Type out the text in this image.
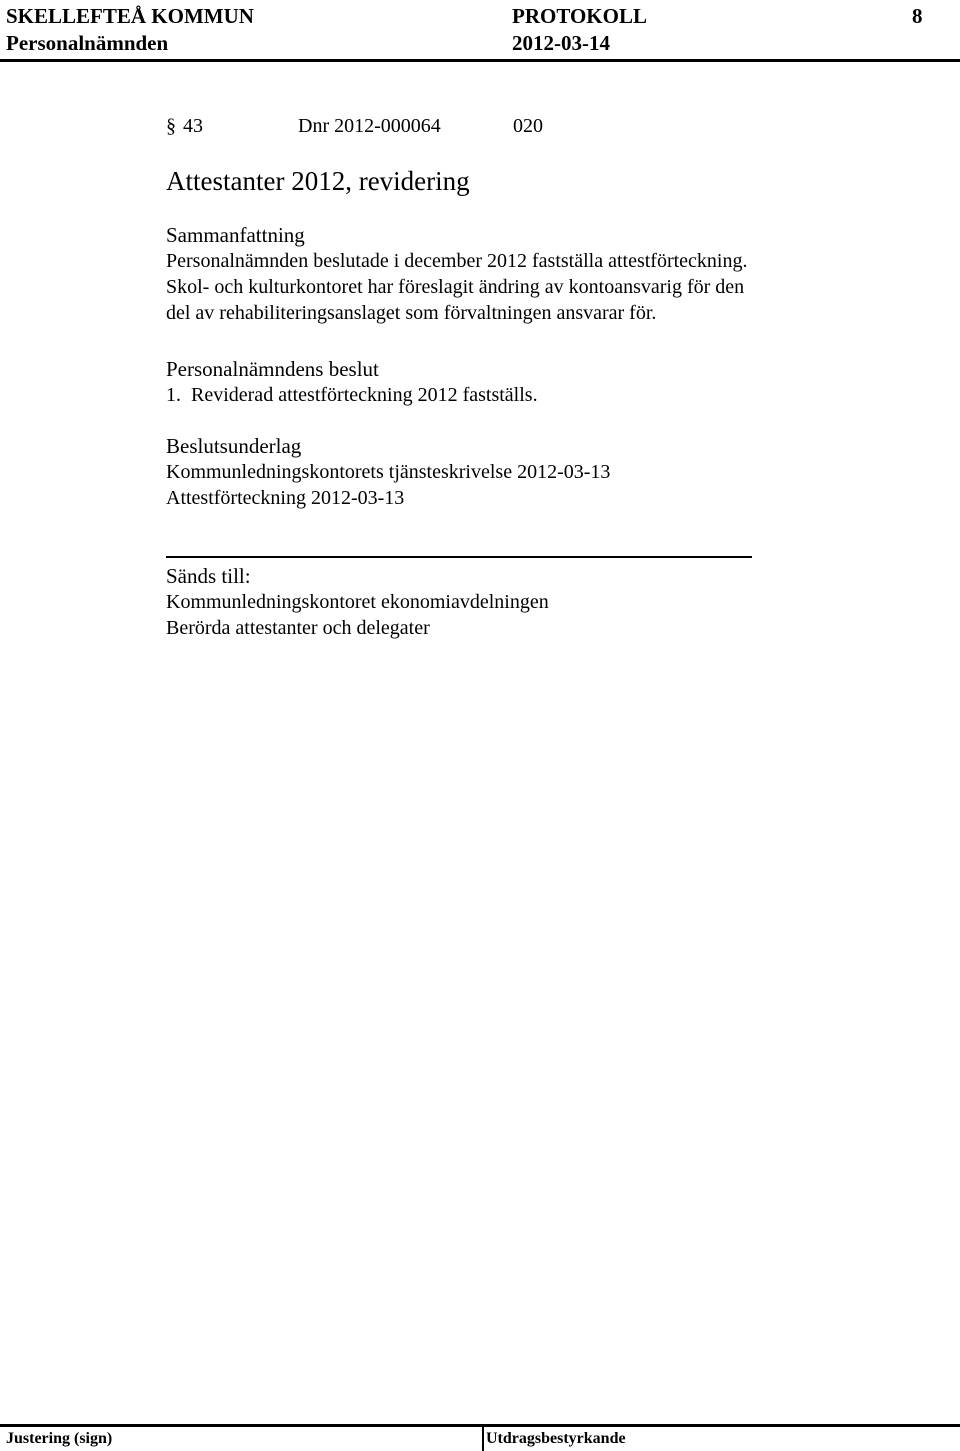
SKELLEFTEÅ KOMMUN	PROTOKOLL	8
Personalnämnden	2012-03-14
§ 43	Dnr 2012-000064	020
Attestanter 2012, revidering
Sammanfattning
Personalnämnden beslutade i december 2012 fastställa attestförteckning.
Skol- och kulturkontoret har föreslagit ändring av kontoansvarig för den
del av rehabiliteringsanslaget som förvaltningen ansvarar för.
Personalnämndens beslut
1.  Reviderad attestförteckning 2012 fastställs.
Beslutsunderlag
Kommunledningskontorets tjänsteskrivelse 2012-03-13
Attestförteckning 2012-03-13
Sänds till:
Kommunledningskontoret ekonomiavdelningen
Berörda attestanter och delegater
Justering (sign)	Utdragsbestyrkande
